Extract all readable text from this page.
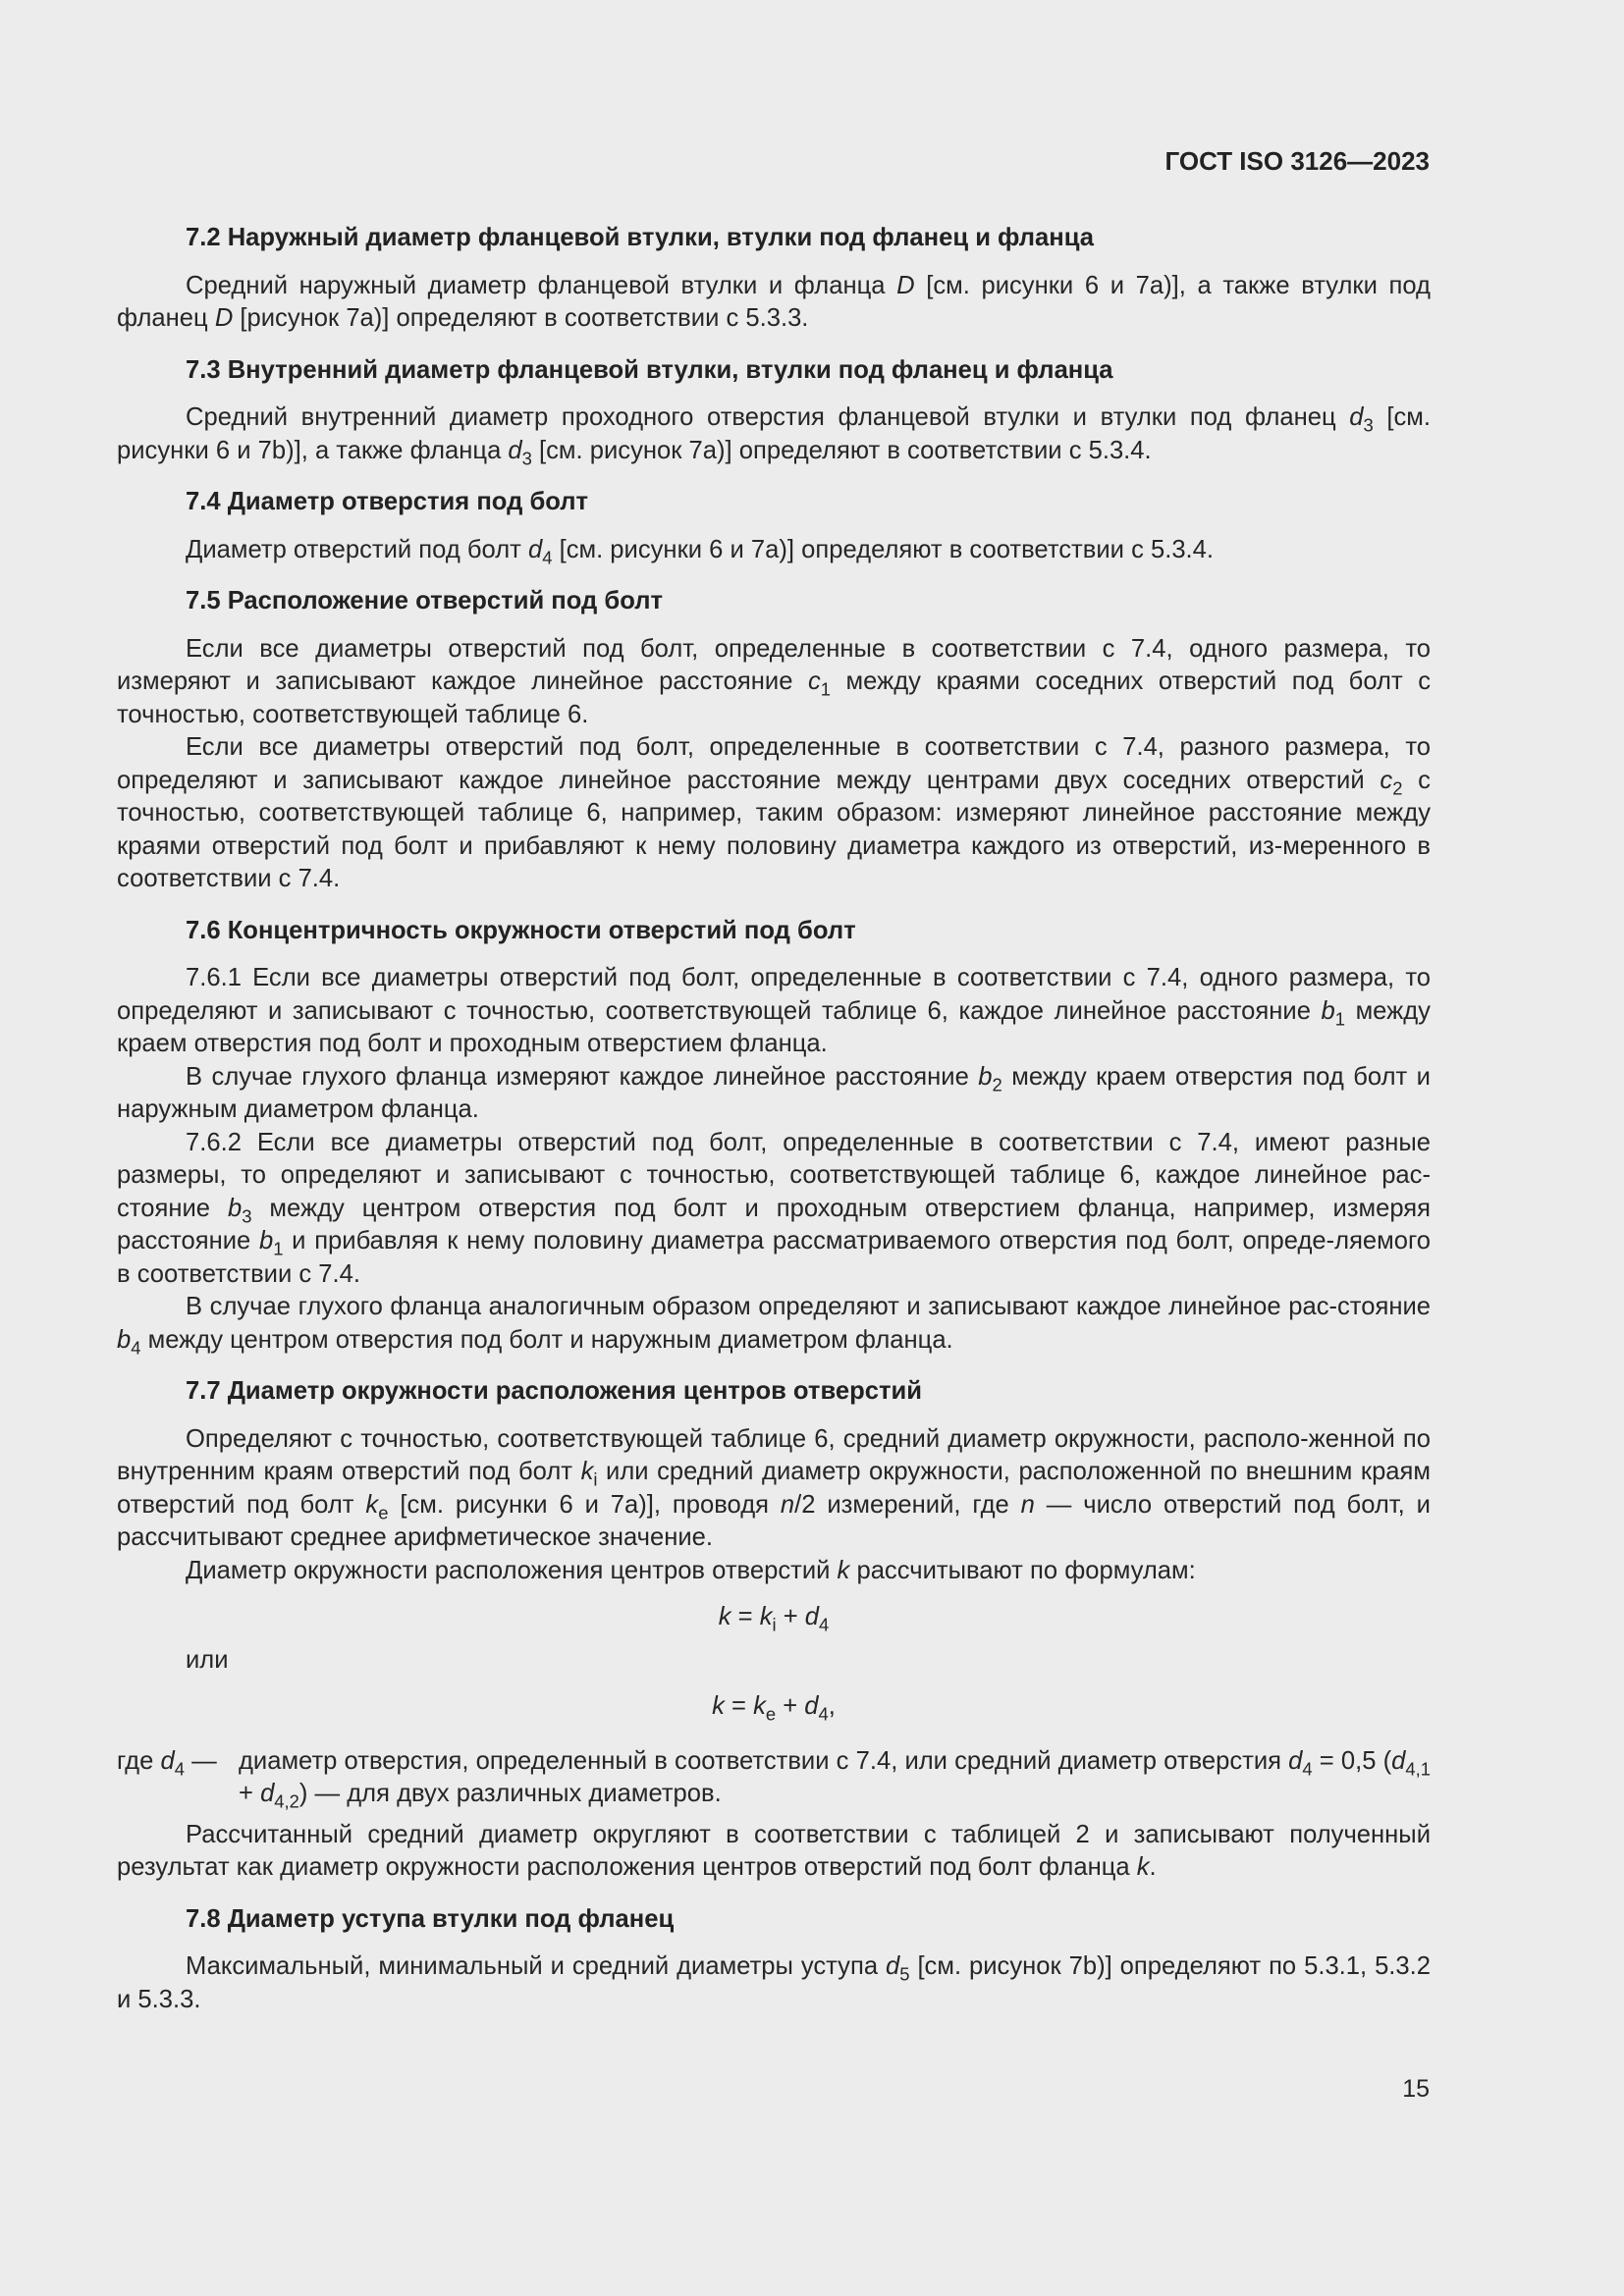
ГОСТ ISO 3126—2023
7.2 Наружный диаметр фланцевой втулки, втулки под фланец и фланца

Средний наружный диаметр фланцевой втулки и фланца D [см. рисунки 6 и 7а)], а также втулки под фланец D [рисунок 7а)] определяют в соответствии с 5.3.3.

7.3 Внутренний диаметр фланцевой втулки, втулки под фланец и фланца

Средний внутренний диаметр проходного отверстия фланцевой втулки и втулки под фланец $d_3$ [см. рисунки 6 и 7b)], а также фланца $d_3$ [см. рисунок 7а)] определяют в соответствии с 5.3.4.

7.4 Диаметр отверстия под болт

Диаметр отверстий под болт $d_4$ [см. рисунки 6 и 7а)] определяют в соответствии с 5.3.4.

7.5 Расположение отверстий под болт

Если все диаметры отверстий под болт, определенные в соответствии с 7.4, одного размера, то измеряют и записывают каждое линейное расстояние $c_1$ между краями соседних отверстий под болт с точностью, соответствующей таблице 6.

Если все диаметры отверстий под болт, определенные в соответствии с 7.4, разного размера, то определяют и записывают каждое линейное расстояние между центрами двух соседних отверстий $c_2$ с точностью, соответствующей таблице 6, например, таким образом: измеряют линейное расстояние между краями отверстий под болт и прибавляют к нему половину диаметра каждого из отверстий, из-меренного в соответствии с 7.4.

7.6 Концентричность окружности отверстий под болт

7.6.1 Если все диаметры отверстий под болт, определенные в соответствии с 7.4, одного размера, то определяют и записывают с точностью, соответствующей таблице 6, каждое линейное расстояние $b_1$ между краем отверстия под болт и проходным отверстием фланца.

В случае глухого фланца измеряют каждое линейное расстояние $b_2$ между краем отверстия под болт и наружным диаметром фланца.

7.6.2 Если все диаметры отверстий под болт, определенные в соответствии с 7.4, имеют разные размеры, то определяют и записывают с точностью, соответствующей таблице 6, каждое линейное рас-стояние $b_3$ между центром отверстия под болт и проходным отверстием фланца, например, измеряя расстояние $b_1$ и прибавляя к нему половину диаметра рассматриваемого отверстия под болт, опреде-ляемого в соответствии с 7.4.

В случае глухого фланца аналогичным образом определяют и записывают каждое линейное рас-стояние $b_4$ между центром отверстия под болт и наружным диаметром фланца.

7.7 Диаметр окружности расположения центров отверстий

Определяют с точностью, соответствующей таблице 6, средний диаметр окружности, располо-женной по внутренним краям отверстий под болт $k_i$ или средний диаметр окружности, расположенной по внешним краям отверстий под болт $k_e$ [см. рисунки 6 и 7а)], проводя n/2 измерений, где n — число отверстий под болт, и рассчитывают среднее арифметическое значение.

Диаметр окружности расположения центров отверстий k рассчитывают по формулам:

$k = k_i + d_4$

или

$k = k_e + d_4$,

где $d_4$ — диаметр отверстия, определенный в соответствии с 7.4, или средний диаметр отверстия $d_4 = 0,5$ $(d_{4,1} + d_{4,2})$ — для двух различных диаметров.

Рассчитанный средний диаметр округляют в соответствии с таблицей 2 и записывают полученный результат как диаметр окружности расположения центров отверстий под болт фланца k.

7.8 Диаметр уступа втулки под фланец

Максимальный, минимальный и средний диаметры уступа $d_5$ [см. рисунок 7b)] определяют по 5.3.1, 5.3.2 и 5.3.3.

15
